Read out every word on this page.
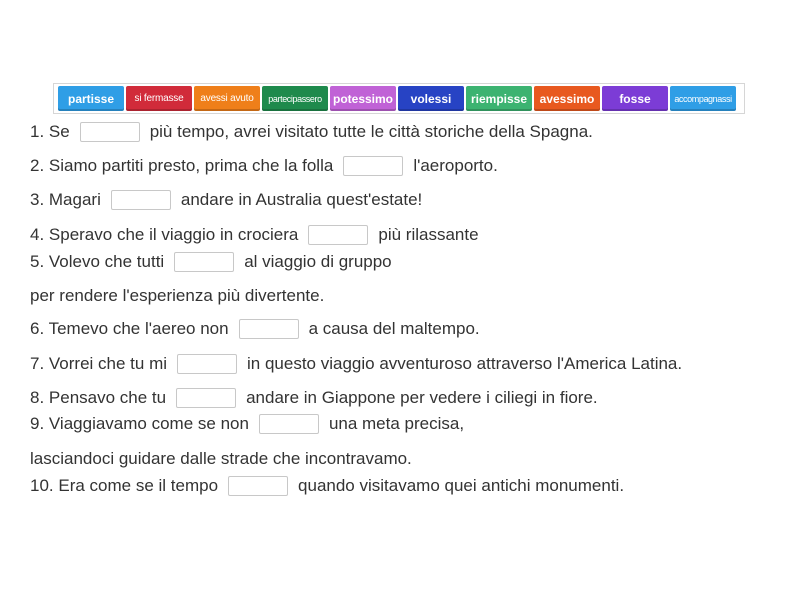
partisse	si fermasse	avessi avuto	partecipassero potessimo	volessi	riempisse	avessimo	fosse	accompagnassi
1. Se	più tempo, avrei visitato tutte le città storiche della Spagna.
2. Siamo partiti presto, prima che la folla	l'aeroporto.
3. Magari	andare in Australia quest'estate!
4. Speravo che il viaggio in crociera	più rilassante
5. Volevo che tutti	al viaggio di gruppo
per rendere l'esperienza più divertente.
6. Temevo che l'aereo non	a causa del maltempo.
7. Vorrei che tu mi	in questo viaggio avventuroso attraverso l'America Latina.
8. Pensavo che tu	andare in Giappone per vedere i ciliegi in fiore.
9. Viaggiavamo come se non	una meta precisa,
lasciandoci guidare dalle strade che incontravamo.
10. Era come se il tempo	quando visitavamo quei antichi monumenti.
